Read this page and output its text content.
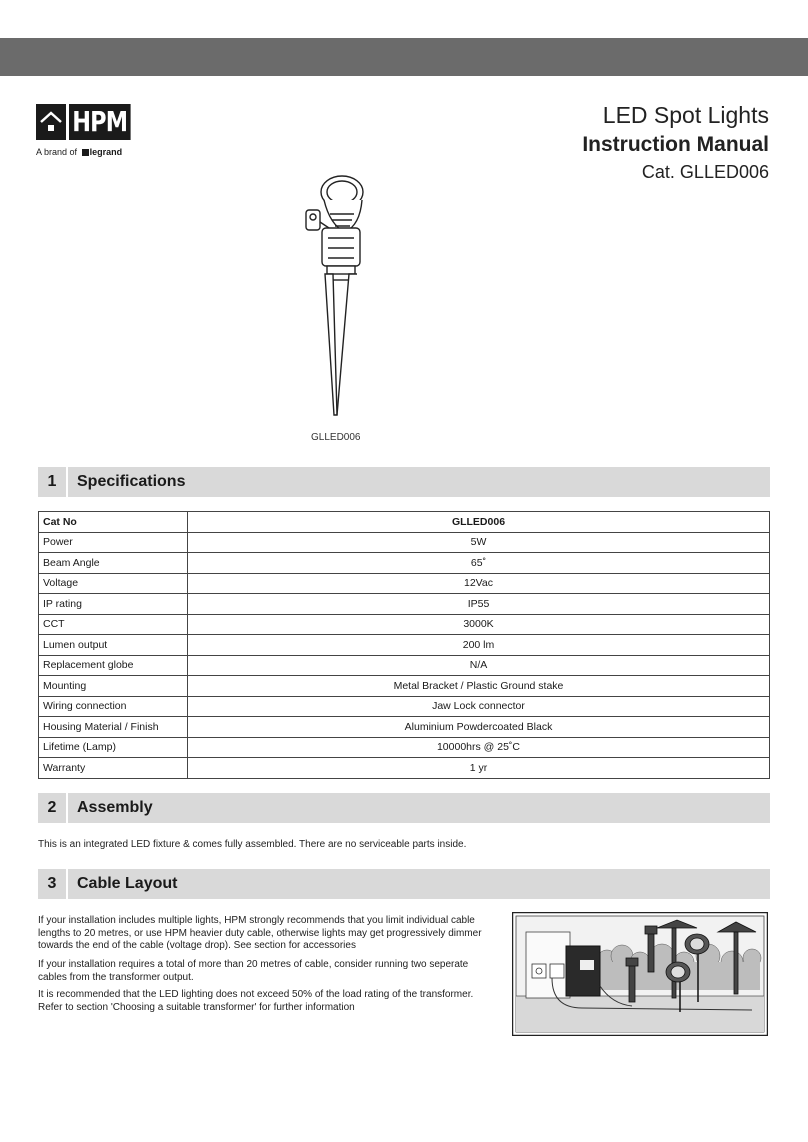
HPM
A brand of legrand
LED Spot Lights
Instruction Manual
Cat. GLLED006
GLLED006
1	Specifications
Cat No	GLLED006
Power	5W
Beam Angle	65˚
Voltage	12Vac
IP rating	IP55
CCT	3000K
Lumen output	200 lm
Replacement globe	N/A
Mounting	Metal Bracket / Plastic Ground stake
Wiring connection	Jaw Lock connector
Housing Material / Finish	Aluminium Powdercoated Black
Lifetime (Lamp)	10000hrs @ 25˚C
Warranty	1 yr
2	Assembly
This is an integrated LED fixture & comes fully assembled. There are no serviceable parts inside.
3	Cable Layout
If your installation includes multiple lights, HPM strongly recommends that you limit individual cable lengths to 20 metres, or use HPM heavier duty cable, otherwise lights may get progressively dimmer towards the end of the cable (voltage drop). See section for accessories
If your installation requires a total of more than 20 metres of cable, consider running two seperate cables from the transformer output.
It is recommended that the LED lighting does not exceed 50% of the load rating of the transformer. Refer to section 'Choosing a suitable transformer' for further information
